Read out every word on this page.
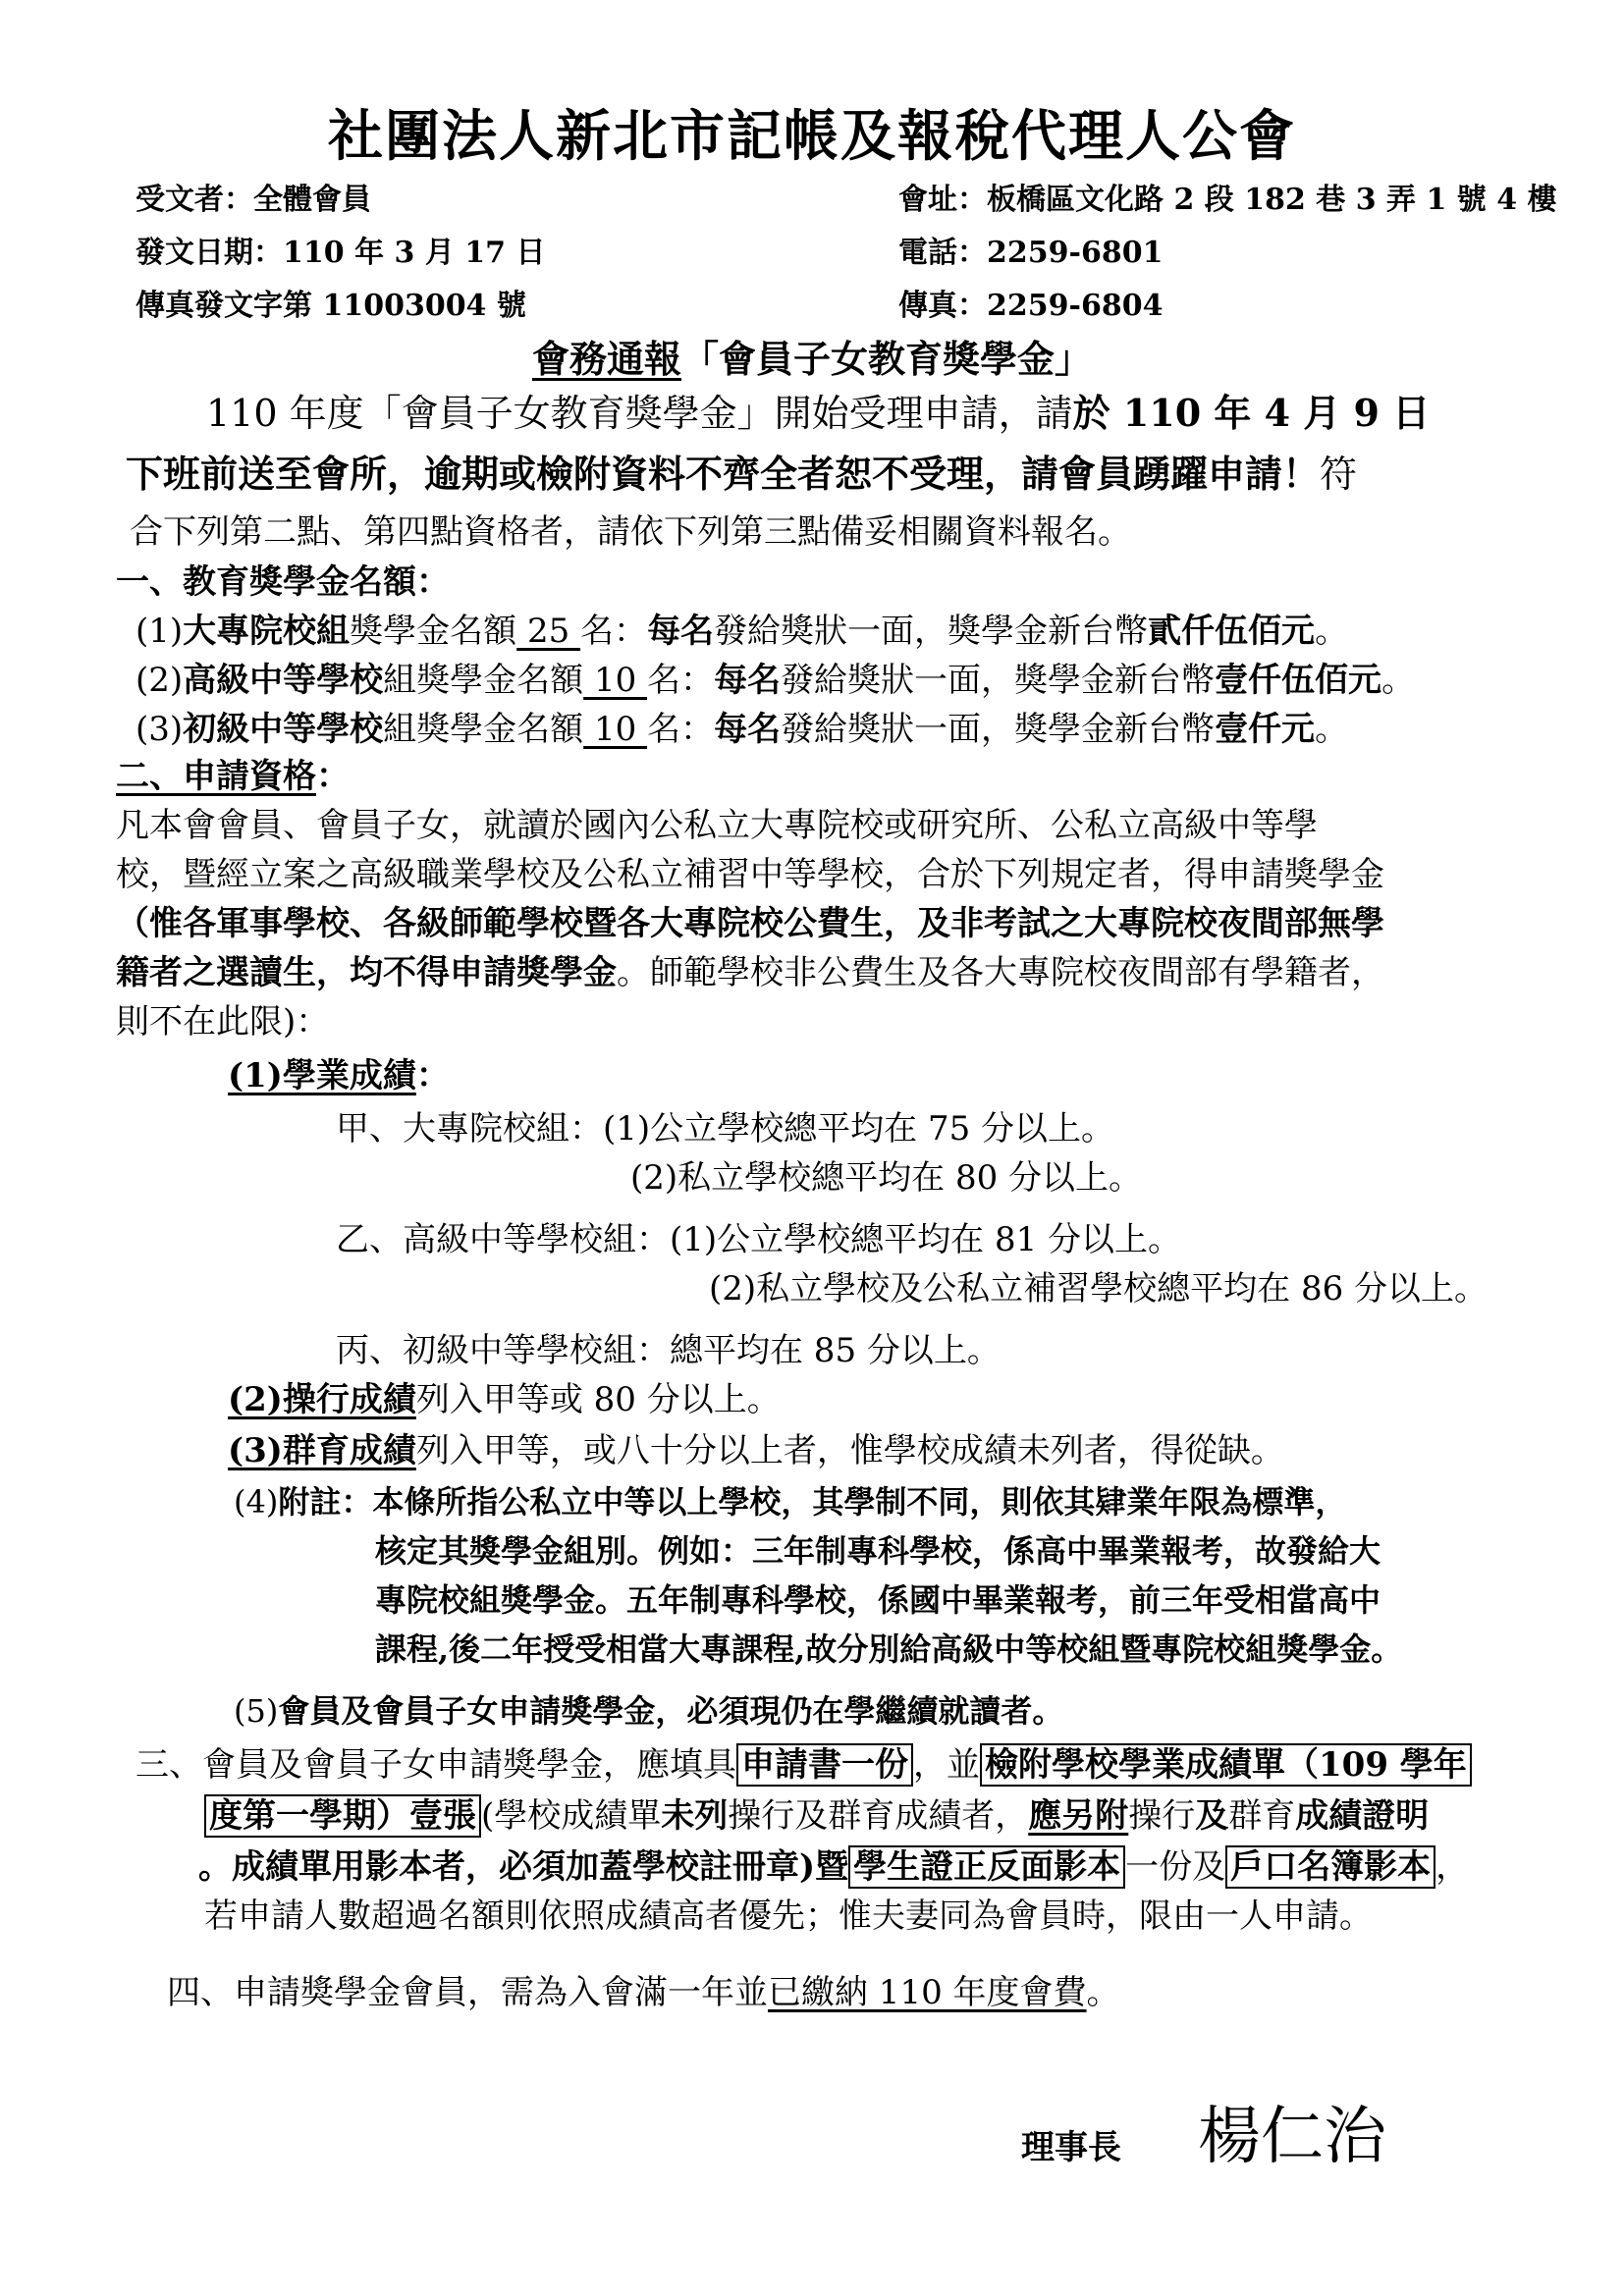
社團法人新北市記帳及報稅代理人公會
受文者：全體會員	會址：板橋區文化路 2 段 182 巷 3 弄 1 號 4 樓
發文日期：110 年 3 月 17 日	電話：2259-6801
傳真發文字第 11003004 號	傳真：2259-6804
會務通報「會員子女教育獎學金」
110 年度「會員子女教育獎學金」開始受理申請，請於 110 年 4 月 9 日
下班前送至會所，逾期或檢附資料不齊全者恕不受理，請會員踴躍申請！符
合下列第二點、第四點資格者，請依下列第三點備妥相關資料報名。
一、教育獎學金名額：
(1)大專院校組獎學金名額 25 名：每名發給獎狀一面，獎學金新台幣貳仟伍佰元。
(2)高級中等學校組獎學金名額 10 名：每名發給獎狀一面，獎學金新台幣壹仟伍佰元。
(3)初級中等學校組獎學金名額 10 名：每名發給獎狀一面，獎學金新台幣壹仟元。
二、申請資格：
凡本會會員、會員子女，就讀於國內公私立大專院校或研究所、公私立高級中等學
校，暨經立案之高級職業學校及公私立補習中等學校，合於下列規定者，得申請獎學金
（惟各軍事學校、各級師範學校暨各大專院校公費生，及非考試之大專院校夜間部無學
籍者之選讀生，均不得申請獎學金。師範學校非公費生及各大專院校夜間部有學籍者，
則不在此限)：
(1)學業成績：
甲、大專院校組：(1)公立學校總平均在 75 分以上。
(2)私立學校總平均在 80 分以上。
乙、高級中等學校組：(1)公立學校總平均在 81 分以上。
(2)私立學校及公私立補習學校總平均在 86 分以上。
丙、初級中等學校組：總平均在 85 分以上。
(2)操行成績列入甲等或 80 分以上。
(3)群育成績列入甲等，或八十分以上者，惟學校成績未列者，得從缺。
(4)附註：本條所指公私立中等以上學校，其學制不同，則依其肄業年限為標準，
核定其獎學金組別。例如：三年制專科學校，係高中畢業報考，故發給大
專院校組獎學金。五年制專科學校，係國中畢業報考，前三年受相當高中
課程,後二年授受相當大專課程,故分別給高級中等校組暨專院校組獎學金。
(5)會員及會員子女申請獎學金，必須現仍在學繼續就讀者。
三、會員及會員子女申請獎學金，應填具 申請書一份 ，並 檢附學校學業成績單（109 學年
度第一學期）壹張 (學校成績單未列操行及群育成績者，應另附操行及群育成績證明
。成績單用影本者，必須加蓋學校註冊章)暨 學生證正反面影本 一份及 戶口名簿影本 ，
若申請人數超過名額則依照成績高者優先；惟夫妻同為會員時，限由一人申請。
四、申請獎學金會員，需為入會滿一年並已繳納 110 年度會費。
理事長 楊仁治
